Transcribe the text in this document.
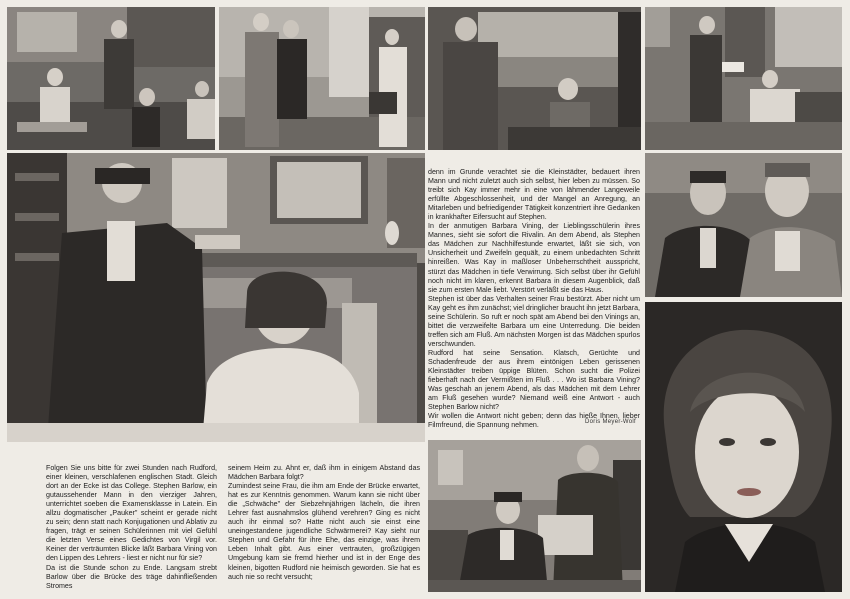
denn im Grunde verachtet sie die Kleinstädter, bedauert ihren Mann und nicht zuletzt auch sich selbst, hier leben zu müssen. So treibt sich Kay immer mehr in eine von lähmender Langeweile erfüllte Abgeschlossenheit, und der Mangel an Anregung, an Mitarleben und befriedigender Tätigkeit konzentriert ihre Gedanken in krankhafter Eifersucht auf Stephen.

In der anmutigen Barbara Vining, der Lieblingsschülerin ihres Mannes, sieht sie sofort die Rivalin. An dem Abend, als Stephen das Mädchen zur Nachhilfestunde erwartet, läßt sie sich, von Unsicherheit und Zweifeln gequält, zu einem unbedachten Schritt hinreißen. Was Kay in maßloser Unbeherrschtheit ausspricht, stürzt das Mädchen in tiefe Verwirrung. Sich selbst über ihr Gefühl noch nicht im klaren, erkennt Barbara in diesem Augenblick, daß sie zum ersten Male liebt. Verstört verläßt sie das Haus.

Stephen ist über das Verhalten seiner Frau bestürzt. Aber nicht um Kay geht es ihm zunächst; viel dringlicher braucht ihn jetzt Barbara, seine Schülerin. So ruft er noch spät am Abend bei den Vinings an, bittet die verzweifelte Barbara um eine Unterredung. Die beiden treffen sich am Fluß. Am nächsten Morgen ist das Mädchen spurlos verschwunden.

Rudford hat seine Sensation. Klatsch, Gerüchte und Schadenfreude der aus ihrem eintönigen Leben gerissenen Kleinstädter treiben üppige Blüten. Schon sucht die Polizei fieberhaft nach der Vermißten im Fluß . . . Wo ist Barbara Vining? Was geschah an jenem Abend, als das Mädchen mit dem Lehrer am Fluß gesehen wurde? Niemand weiß eine Antwort - auch Stephen Barlow nicht?

Wir wollen die Antwort nicht geben; denn das hieße Ihnen, lieber Filmfreund, die Spannung nehmen.	Doris Meyer-Wolf

Folgen Sie uns bitte für zwei Stunden nach Rudford, einer kleinen, verschlafenen englischen Stadt. Gleich dort an der Ecke ist das College. Stephen Barlow, ein gutaussehender Mann in den vierziger Jahren, unterrichtet soeben die Examensklasse in Latein. Ein allzu dogmatischer „Pauker" scheint er gerade nicht zu sein; denn statt nach Konjugationen und Ablativ zu fragen, trägt er seinen Schülerinnen mit viel Gefühl die letzten Verse eines Gedichtes von Virgil vor. Keiner der verträumten Blicke läßt Barbara Vining von den Lippen des Lehrers - liest er nicht nur für sie?

Da ist die Stunde schon zu Ende. Langsam strebt Barlow über die Brücke des träge dahinfließenden Stromes

seinem Heim zu. Ahnt er, daß ihm in einigem Abstand das Mädchen Barbara folgt?

Zumindest seine Frau, die ihm am Ende der Brücke erwartet, hat es zur Kenntnis genommen. Warum kann sie nicht über die „Schwäche" der Siebzehnjährigen lächeln, die ihren Lehrer fast ausnahmslos glühend verehren? Ging es nicht auch ihr einmal so? Hatte nicht auch sie einst eine uneingestandene jugendliche Schwärmerei? Kay sieht nur Stephen und Gefahr für ihre Ehe, das einzige, was ihrem Leben Inhalt gibt. Aus einer vertrauten, großzügigen Umgebung kam sie fremd hierher und ist in der Enge des kleinen, bigotten Rudford nie heimisch geworden. Sie hat es auch nie so recht versucht;
